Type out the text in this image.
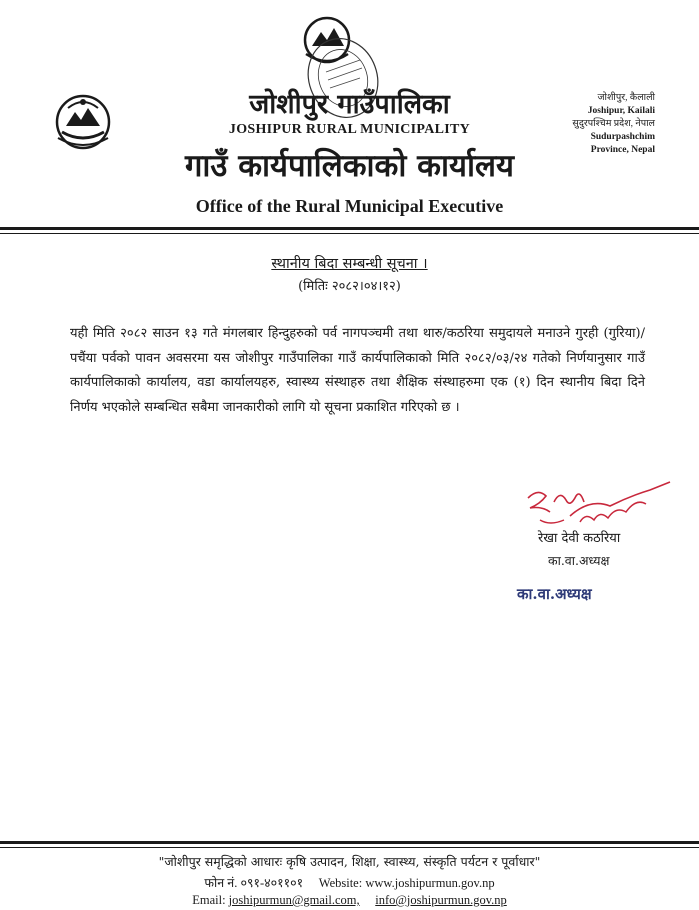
जोशीपुर गाउँपालिका
JOSHIPUR RURAL MUNICIPALITY
गाउँ कार्यपालिकाको कार्यालय
Office of the Rural Municipal Executive
जोशीपुर, कैलाली
Joshipur, Kailali
सुदुरपश्चिम प्रदेश, नेपाल
Sudurpashchim
Province, Nepal
स्थानीय बिदा सम्बन्धी सूचना ।
(मितिः २०८२।०४।१२)
यही मिति २०८२ साउन १३ गते मंगलबार हिन्दुहरुको पर्व नागपञ्चमी तथा थारु/कठरिया समुदायले मनाउने गुरही (गुरिया)/पचैंया पर्वको पावन अवसरमा यस जोशीपुर गाउँपालिका गाउँ कार्यपालिकाको मिति २०८२/०३/२४ गतेको निर्णयानुसार गाउँ कार्यपालिकाको कार्यालय, वडा कार्यालयहरु, स्वास्थ्य संस्थाहरु तथा शैक्षिक संस्थाहरुमा एक (१) दिन स्थानीय बिदा दिने निर्णय भएकोले सम्बन्धित सबैमा जानकारीको लागि यो सूचना प्रकाशित गरिएको छ ।
रेखा देवी कठरिया
का.वा.अध्यक्ष
का.वा.अध्यक्ष
"जोशीपुर समृद्धिको आधारः कृषि उत्पादन, शिक्षा, स्वास्थ्य, संस्कृति पर्यटन र पूर्वाधार"
फोन नं. ०९१-४०११०१ Website: www.joshipurmun.gov.np
Email: joshipurmun@gmail.com, info@joshipurmun.gov.np
